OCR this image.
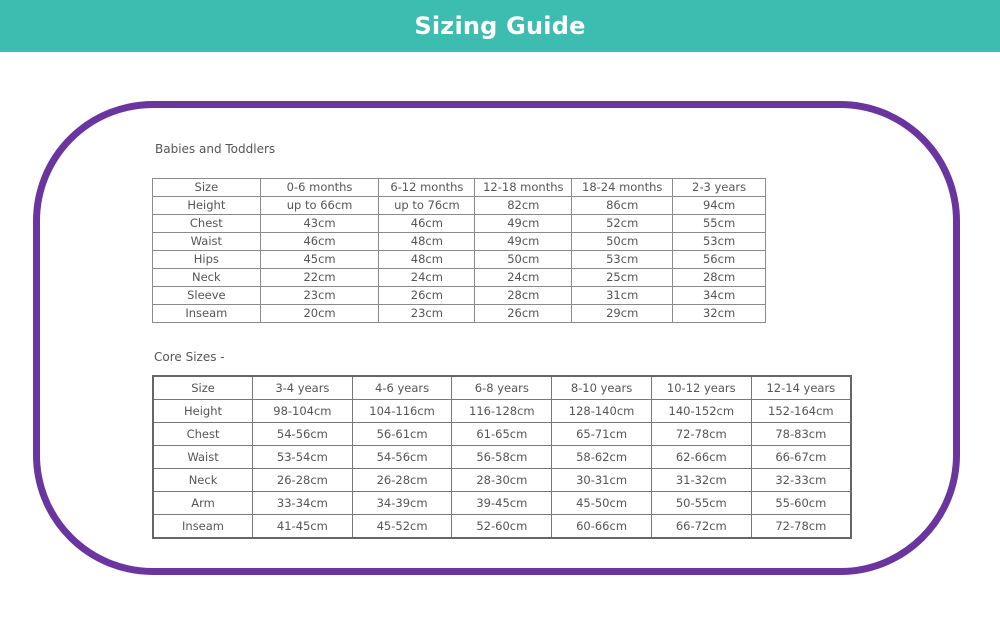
Sizing Guide
Babies and Toddlers
Size	0-6 months	6-12 months	12-18 months	18-24 months	2-3 years
Height	up to 66cm	up to 76cm	82cm	86cm	94cm
Chest	43cm	46cm	49cm	52cm	55cm
Waist	46cm	48cm	49cm	50cm	53cm
Hips	45cm	48cm	50cm	53cm	56cm
Neck	22cm	24cm	24cm	25cm	28cm
Sleeve	23cm	26cm	28cm	31cm	34cm
Inseam	20cm	23cm	26cm	29cm	32cm
Core Sizes -
Size	3-4 years	4-6 years	6-8 years	8-10 years	10-12 years	12-14 years
Height	98-104cm	104-116cm	116-128cm	128-140cm	140-152cm	152-164cm
Chest	54-56cm	56-61cm	61-65cm	65-71cm	72-78cm	78-83cm
Waist	53-54cm	54-56cm	56-58cm	58-62cm	62-66cm	66-67cm
Neck	26-28cm	26-28cm	28-30cm	30-31cm	31-32cm	32-33cm
Arm	33-34cm	34-39cm	39-45cm	45-50cm	50-55cm	55-60cm
Inseam	41-45cm	45-52cm	52-60cm	60-66cm	66-72cm	72-78cm
